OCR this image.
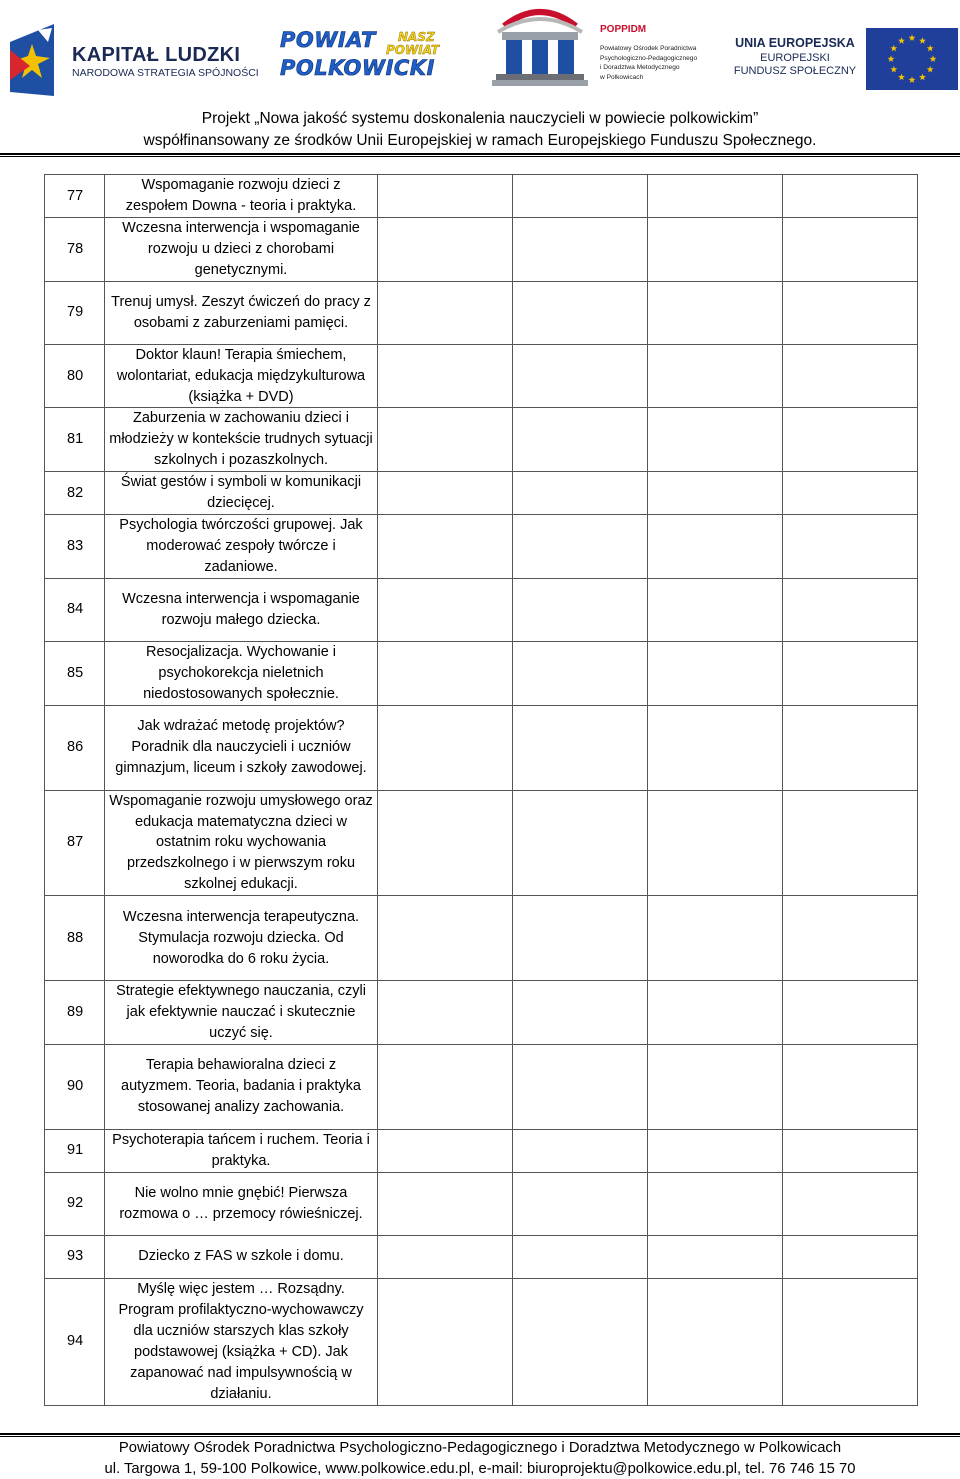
KAPITAŁ LUDZKI
NARODOWA STRATEGIA SPÓJNOŚCI
POWIAT NASZ
POWIAT
POLKOWICKI
POPPIDM
Powiatowy Ośrodek Poradnictwa
Psychologiczno-Pedagogicznego
i Doradztwa Metodycznego
w Polkowicach
UNIA EUROPEJSKA
EUROPEJSKI
FUNDUSZ SPOŁECZNY
Projekt „Nowa jakość systemu doskonalenia nauczycieli w powiecie polkowickim”
współfinansowany ze środków Unii Europejskiej w ramach Europejskiego Funduszu Społecznego.
77	Wspomaganie rozwoju dzieci z zespołem Downa - teoria i praktyka.				

78	Wczesna interwencja i wspomaganie rozwoju u dzieci z chorobami genetycznymi.				

79	Trenuj umysł. Zeszyt ćwiczeń do pracy z osobami z zaburzeniami pamięci.				

80	Doktor klaun! Terapia śmiechem, wolontariat, edukacja międzykulturowa (książka + DVD)				

81	Zaburzenia w zachowaniu dzieci i młodzieży w kontekście trudnych sytuacji szkolnych i pozaszkolnych.				

82	Świat gestów i symboli w komunikacji dziecięcej.				

83	Psychologia twórczości grupowej. Jak moderować zespoły twórcze i zadaniowe.				

84	Wczesna interwencja i wspomaganie rozwoju małego dziecka.				

85	Resocjalizacja. Wychowanie i psychokorekcja nieletnich niedostosowanych społecznie.				

86	Jak wdrażać metodę projektów? Poradnik dla nauczycieli i uczniów gimnazjum, liceum i szkoły zawodowej.				

87	Wspomaganie rozwoju umysłowego oraz edukacja matematyczna dzieci w ostatnim roku wychowania przedszkolnego i w pierwszym roku szkolnej edukacji.				

88	Wczesna interwencja terapeutyczna. Stymulacja rozwoju dziecka. Od noworodka do 6 roku życia.				

89	Strategie efektywnego nauczania, czyli jak efektywnie nauczać i skutecznie uczyć się.				

90	Terapia behawioralna dzieci z autyzmem. Teoria, badania i praktyka stosowanej analizy zachowania.				

91	Psychoterapia tańcem i ruchem. Teoria i praktyka.				

92	Nie wolno mnie gnębić! Pierwsza rozmowa o … przemocy rówieśniczej.				

93	Dziecko z FAS w szkole i domu.				

94	Myślę więc jestem … Rozsądny. Program profilaktyczno-wychowawczy dla uczniów starszych klas szkoły podstawowej (książka + CD). Jak zapanować nad impulsywnością w działaniu.				

Powiatowy Ośrodek Poradnictwa Psychologiczno-Pedagogicznego i Doradztwa Metodycznego w Polkowicach
ul. Targowa 1, 59-100 Polkowice, www.polkowice.edu.pl, e-mail: biuroprojektu@polkowice.edu.pl, tel. 76 746 15 70
